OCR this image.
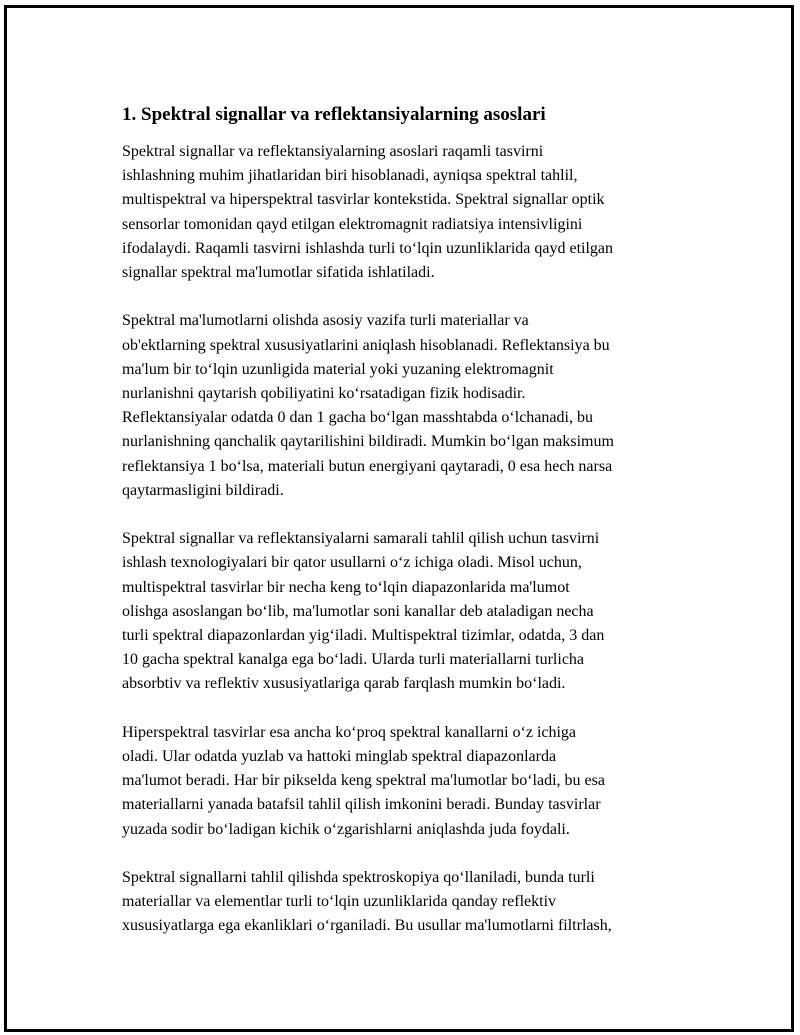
1. Spektral signallar va reflektansiyalarning asoslari
Spektral signallar va reflektansiyalarning asoslari raqamli tasvirni
ishlashning muhim jihatlaridan biri hisoblanadi, ayniqsa spektral tahlil,
multispektral va hiperspektral tasvirlar kontekstida. Spektral signallar optik
sensorlar tomonidan qayd etilgan elektromagnit radiatsiya intensivligini
ifodalaydi. Raqamli tasvirni ishlashda turli toʻlqin uzunliklarida qayd etilgan
signallar spektral ma'lumotlar sifatida ishlatiladi.
Spektral ma'lumotlarni olishda asosiy vazifa turli materiallar va
ob'ektlarning spektral xususiyatlarini aniqlash hisoblanadi. Reflektansiya bu
ma'lum bir toʻlqin uzunligida material yoki yuzaning elektromagnit
nurlanishni qaytarish qobiliyatini koʻrsatadigan fizik hodisadir.
Reflektansiyalar odatda 0 dan 1 gacha boʻlgan masshtabda oʻlchanadi, bu
nurlanishning qanchalik qaytarilishini bildiradi. Mumkin boʻlgan maksimum
reflektansiya 1 boʻlsa, materiali butun energiyani qaytaradi, 0 esa hech narsa
qaytarmasligini bildiradi.
Spektral signallar va reflektansiyalarni samarali tahlil qilish uchun tasvirni
ishlash texnologiyalari bir qator usullarni oʻz ichiga oladi. Misol uchun,
multispektral tasvirlar bir necha keng toʻlqin diapazonlarida ma'lumot
olishga asoslangan boʻlib, ma'lumotlar soni kanallar deb ataladigan necha
turli spektral diapazonlardan yigʻiladi. Multispektral tizimlar, odatda, 3 dan
10 gacha spektral kanalga ega boʻladi. Ularda turli materiallarni turlicha
absorbtiv va reflektiv xususiyatlariga qarab farqlash mumkin boʻladi.
Hiperspektral tasvirlar esa ancha koʻproq spektral kanallarni oʻz ichiga
oladi. Ular odatda yuzlab va hattoki minglab spektral diapazonlarda
ma'lumot beradi. Har bir pikselda keng spektral ma'lumotlar boʻladi, bu esa
materiallarni yanada batafsil tahlil qilish imkonini beradi. Bunday tasvirlar
yuzada sodir boʻladigan kichik oʻzgarishlarni aniqlashda juda foydali.
Spektral signallarni tahlil qilishda spektroskopiya qoʻllaniladi, bunda turli
materiallar va elementlar turli toʻlqin uzunliklarida qanday reflektiv
xususiyatlarga ega ekanliklari oʻrganiladi. Bu usullar ma'lumotlarni filtrlash,
